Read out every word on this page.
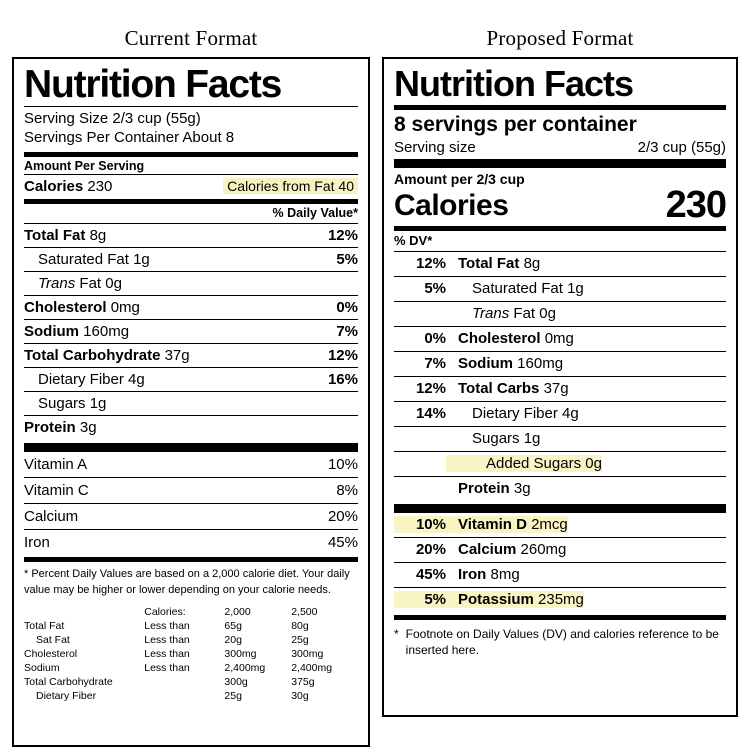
Current Format
Nutrition Facts
Serving Size 2/3 cup (55g)
Servings Per Container About 8
Amount Per Serving
Calories 230	Calories from Fat 40
% Daily Value*
Total Fat 8g	12%
Saturated Fat 1g	5%
Trans Fat 0g
Cholesterol 0mg	0%
Sodium 160mg	7%
Total Carbohydrate 37g	12%
Dietary Fiber 4g	16%
Sugars 1g
Protein 3g
Vitamin A	10%
Vitamin C	8%
Calcium	20%
Iron	45%
* Percent Daily Values are based on a 2,000 calorie diet. Your daily value may be higher or lower depending on your calorie needs.
	Calories:	2,000	2,500
Total Fat	Less than	65g	80g
Sat Fat	Less than	20g	25g
Cholesterol	Less than	300mg	300mg
Sodium	Less than	2,400mg	2,400mg
Total Carbohydrate		300g	375g
Dietary Fiber		25g	30g
Proposed Format
Nutrition Facts
8 servings per container
Serving size	2/3 cup (55g)
Amount per 2/3 cup
Calories	230
% DV*
12% Total Fat 8g
5%	Saturated Fat 1g
Trans Fat 0g
0% Cholesterol 0mg
7% Sodium 160mg
12% Total Carbs 37g
14%	Dietary Fiber 4g
Sugars 1g
Added Sugars 0g
Protein 3g
10% Vitamin D 2mcg
20% Calcium 260mg
45% Iron 8mg
5% Potassium 235mg
* Footnote on Daily Values (DV) and calories reference to be inserted here.
